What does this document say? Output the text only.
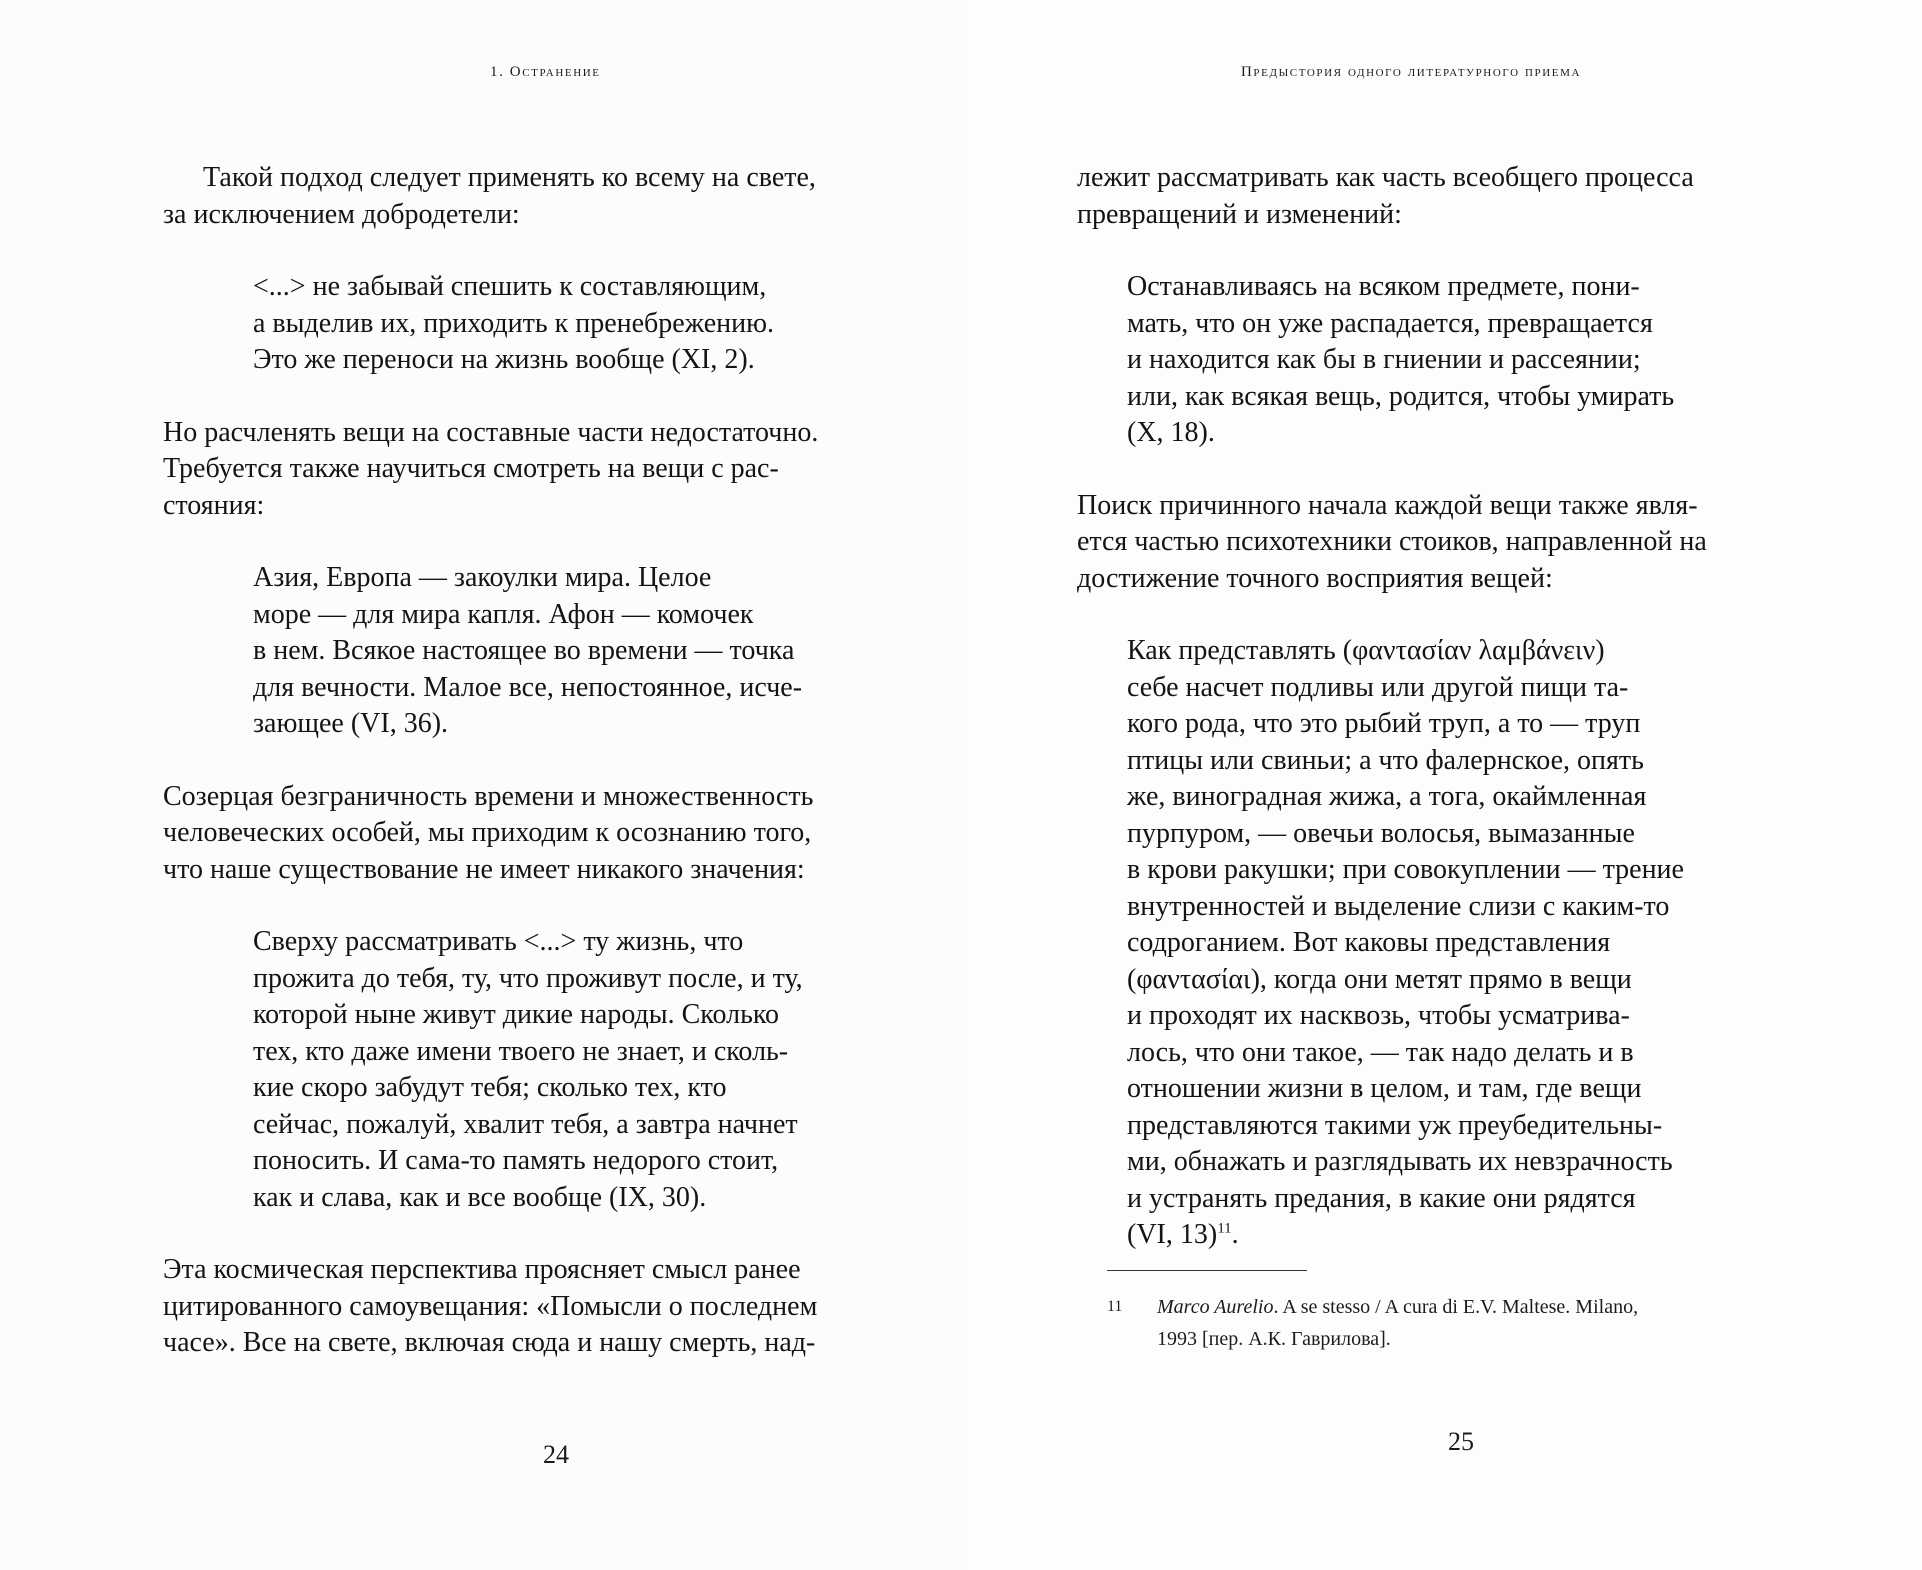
1. Остранение

Такой подход следует применять ко всему на свете,

за исключением добродетели:

<...> не забывай спешить к составляющим,

а выделив их, приходить к пренебрежению.

Это же переноси на жизнь вообще (XI, 2).

Но расчленять вещи на составные части недостаточно.

Требуется также научиться смотреть на вещи с рас-

стояния:

Азия, Европа — закоулки мира. Целое

море — для мира капля. Афон — комочек

в нем. Всякое настоящее во времени — точка

для вечности. Малое все, непостоянное, исче-

зающее (VI, 36).

Созерцая безграничность времени и множественность

человеческих особей, мы приходим к осознанию того,

что наше существование не имеет никакого значения:

Сверху рассматривать <...> ту жизнь, что

прожита до тебя, ту, что проживут после, и ту,

которой ныне живут дикие народы. Сколько

тех, кто даже имени твоего не знает, и сколь-

кие скоро забудут тебя; сколько тех, кто

сейчас, пожалуй, хвалит тебя, а завтра начнет

поносить. И сама-то память недорого стоит,

как и слава, как и все вообще (IX, 30).

Эта космическая перспектива проясняет смысл ранее

цитированного самоувещания: «Помысли о последнем

часе». Все на свете, включая сюда и нашу смерть, над-

24
Предыстория одного литературного приема

лежит рассматривать как часть всеобщего процесса

превращений и изменений:

Останавливаясь на всяком предмете, пони-

мать, что он уже распадается, превращается

и находится как бы в гниении и рассеянии;

или, как всякая вещь, родится, чтобы умирать

(X, 18).

Поиск причинного начала каждой вещи также явля-

ется частью психотехники стоиков, направленной на

достижение точного восприятия вещей:

Как представлять (φαντασίαν λαμβάνειν)

себе насчет подливы или другой пищи та-

кого рода, что это рыбий труп, а то — труп

птицы или свиньи; а что фалернское, опять

же, виноградная жижа, а тога, окаймленная

пурпуром, — овечьи волосья, вымазанные

в крови ракушки; при совокуплении — трение

внутренностей и выделение слизи с каким-то

содроганием. Вот каковы представления

(φαντασίαι), когда они метят прямо в вещи

и проходят их насквозь, чтобы усматрива-

лось, что они такое, — так надо делать и в

отношении жизни в целом, и там, где вещи

представляются такими уж преубедительны-

ми, обнажать и разглядывать их невзрачность

и устранять предания, в какие они рядятся

(VI, 13)$^{11}$.

11 Marco Aurelio. A se stesso / A cura di E.V. Maltese. Milano,
1993 [пер. А.К. Гаврилова].
25
